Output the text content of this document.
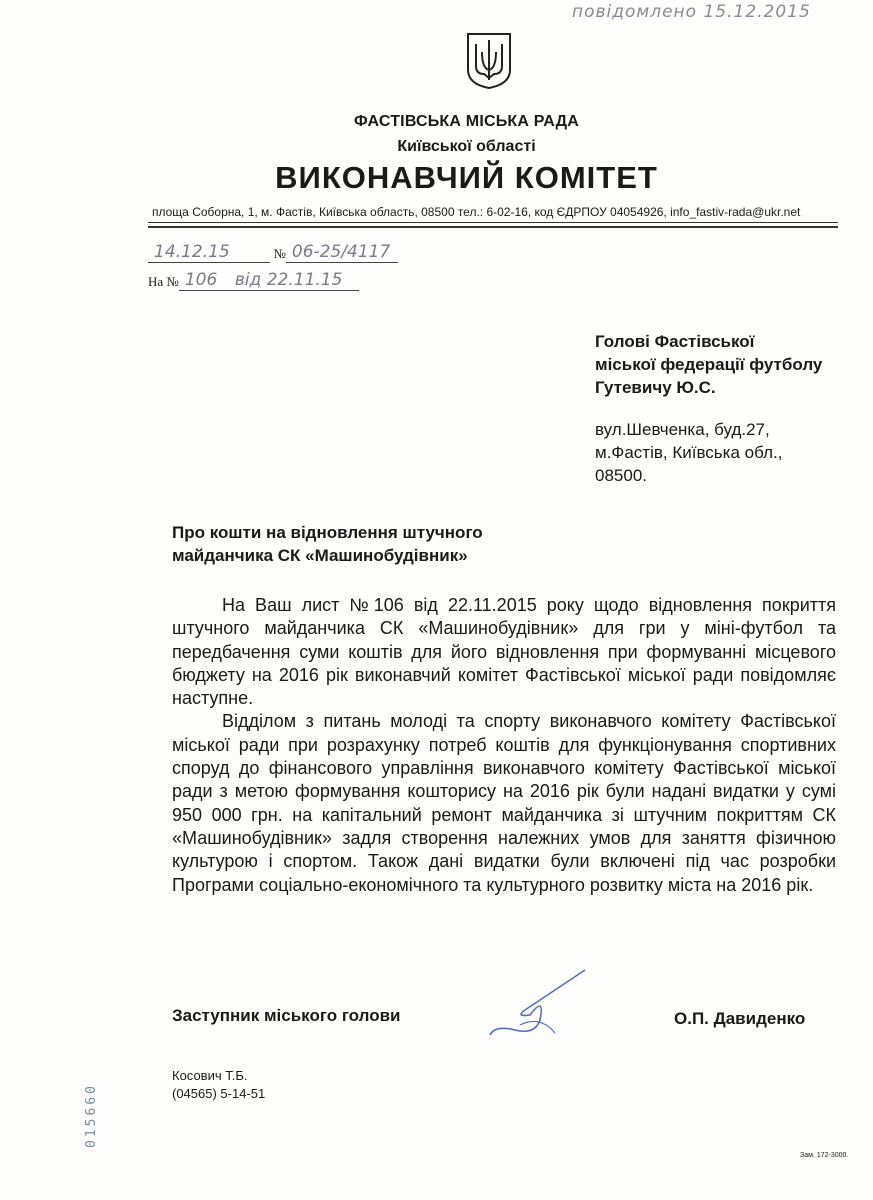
повідомлено 15.12.2015
ФАСТІВСЬКА МІСЬКА РАДА
Київської області
ВИКОНАВЧИЙ КОМІТЕТ
площа Соборна, 1, м. Фастів, Київська область, 08500 тел.: 6-02-16, код ЄДРПОУ 04054926, info_fastiv-rada@ukr.net
14.12.15	№ 06-25/4117
На № 106 від 22.11.15
Голові Фастівської
міської федерації футболу
Гутевичу Ю.С.
вул.Шевченка, буд.27,
м.Фастів, Київська обл.,
08500.
Про кошти на відновлення штучного
майданчика СК «Машинобудівник»

На Ваш лист №106 від 22.11.2015 року щодо відновлення покриття штучного майданчика СК «Машинобудівник» для гри у міні-футбол та передбачення суми коштів для його відновлення при формуванні місцевого бюджету на 2016 рік виконавчий комітет Фастівської міської ради повідомляє наступне.

Відділом з питань молоді та спорту виконавчого комітету Фастівської міської ради при розрахунку потреб коштів для функціонування спортивних споруд до фінансового управління виконавчого комітету Фастівської міської ради з метою формування кошторису на 2016 рік були надані видатки у сумі 950 000 грн. на капітальний ремонт майданчика зі штучним покриттям СК «Машинобудівник» задля створення належних умов для заняття фізичною культурою і спортом. Також дані видатки були включені під час розробки Програми соціально-економічного та культурного розвитку міста на 2016 рік.

Заступник міського голови	О.П. Давиденко
Косович Т.Б.
(04565) 5-14-51
015660
Зам. 172-3000.
